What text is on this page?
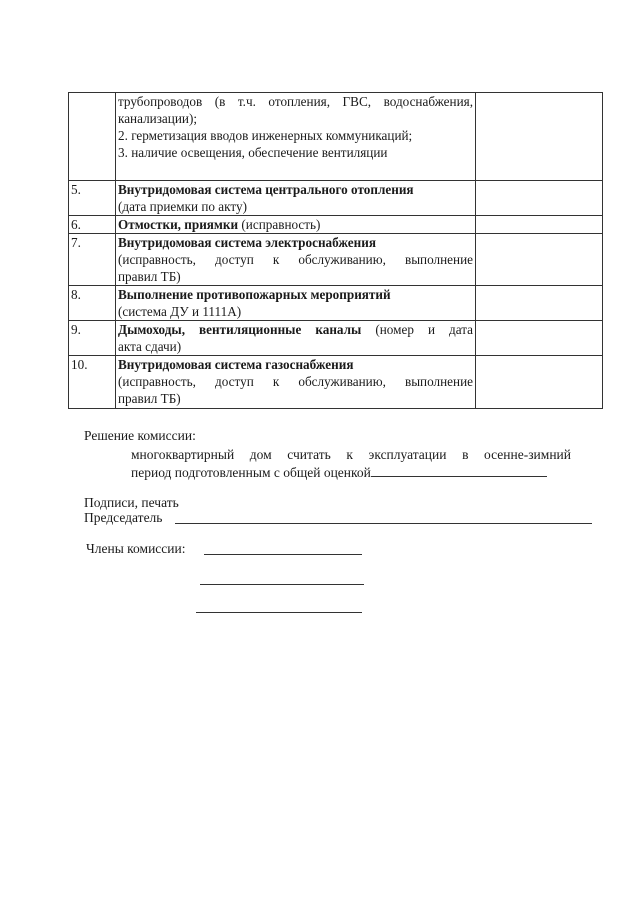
	трубопроводов (в т.ч. отопления, ГВС, водоснабжения,
канализации);
2. герметизация вводов инженерных коммуникаций;
3. наличие освещения, обеспечение вентиляции	

5.	Внутридомовая система центрального отопления
(дата приемки по акту)	

6.	Отмостки, приямки (исправность)	

7.	Внутридомовая система электроснабжения
(исправность, доступ к обслуживанию, выполнение
правил ТБ)	

8.	Выполнение противопожарных мероприятий
(система ДУ и 1111А)	

9.	Дымоходы, вентиляционные каналы (номер и дата
акта сдачи)	

10.	Внутридомовая система газоснабжения
(исправность, доступ к обслуживанию, выполнение
правил ТБ)	

Решение комиссии:
многоквартирный дом считать к эксплуатации в осенне-зимний
период подготовленным с общей оценкой
Подписи, печать
Председатель
Члены комиссии:
